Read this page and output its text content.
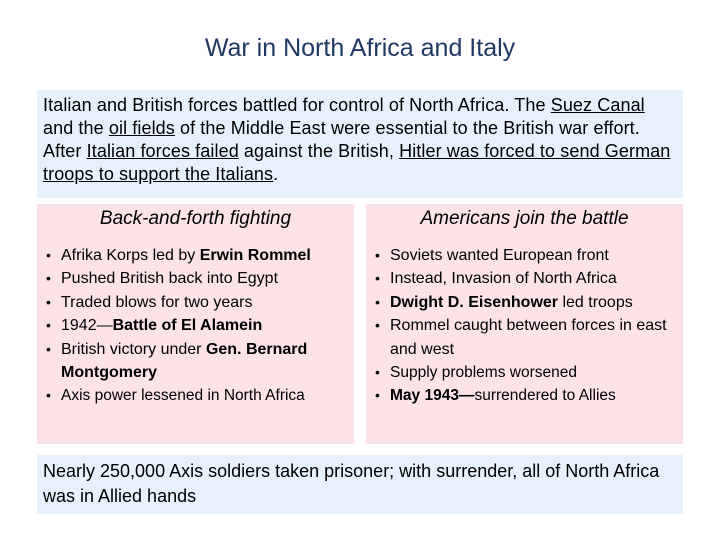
War in North Africa and Italy
Italian and British forces battled for control of North Africa. The Suez Canal and the oil fields of the Middle East were essential to the British war effort. After Italian forces failed against the British, Hitler was forced to send German troops to support the Italians.
Back-and-forth fighting
• Afrika Korps led by Erwin Rommel
• Pushed British back into Egypt
• Traded blows for two years
• 1942—Battle of El Alamein
• British victory under Gen. Bernard Montgomery
• Axis power lessened in North Africa
Americans join the battle
• Soviets wanted European front
• Instead, Invasion of North Africa
• Dwight D. Eisenhower led troops
• Rommel caught between forces in east and west
• Supply problems worsened
• May 1943—surrendered to Allies
Nearly 250,000 Axis soldiers taken prisoner; with surrender, all of North Africa was in Allied hands
